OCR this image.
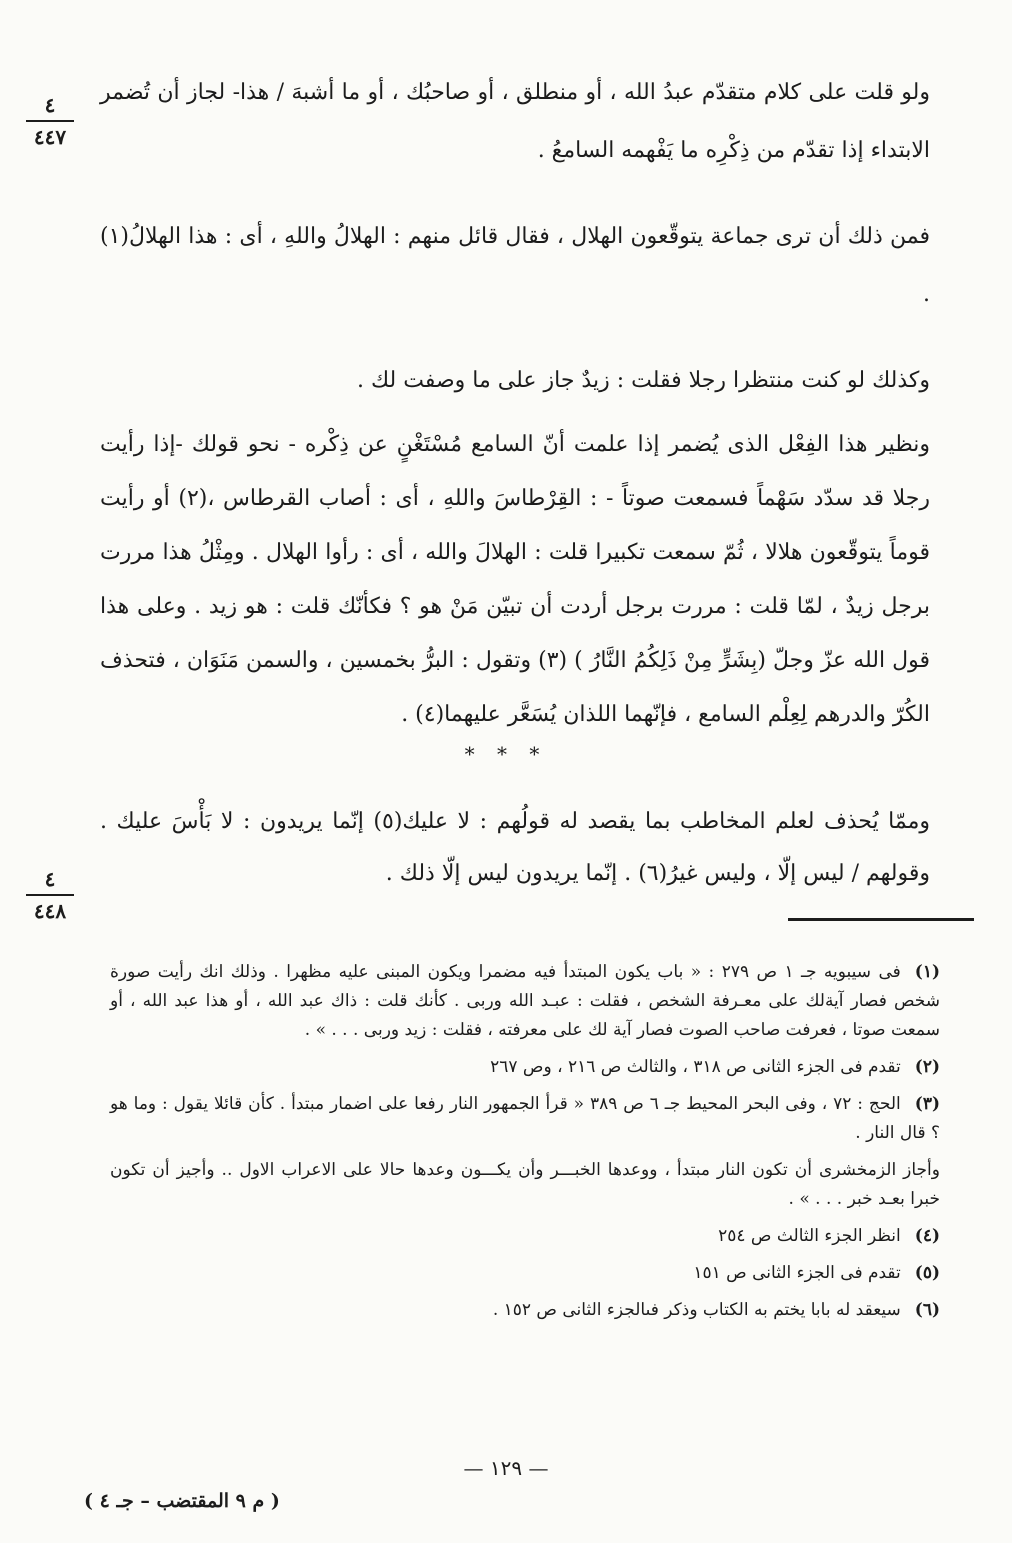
٤
٤٤٧

ولو قلت على كلام متقدّم عبدُ الله ، أو منطلق ، أو صاحبُك ، أو ما أشبهَ / هذا- لجاز أن تُضمر الابتداء إذا تقدّم من ذِكْرِه ما يَفْهمه السامعُ .

فمن ذلك أن ترى جماعة يتوقّعون الهلال ، فقال قائل منهم : الهلالُ واللهِ ، أى : هذا الهلالُ(١) .

وكذلك لو كنت منتظرا رجلا فقلت : زيدٌ جاز على ما وصفت لك .

ونظير هذا الفِعْل الذى يُضمر إذا علمت أنّ السامع مُسْتَغْنٍ عن ذِكْره - نحو قولك -إذا رأيت رجلا قد سدّد سَهْماً فسمعت صوتاً - : القِرْطاسَ واللهِ ، أى : أصاب القرطاس ،(٢) أو رأيت قوماً يتوقّعون هلالا ، ثُمّ سمعت تكبيرا قلت : الهلالَ والله ، أى : رأوا الهلال . ومِثْلُ هذا مررت برجل زيدٌ ، لمّا قلت : مررت برجل أردت أن تبيّن مَنْ هو ؟ فكأنّك قلت : هو زيد . وعلى هذا قول الله عزّ وجلّ (بِشَرٍّ مِنْ ذَلِكُمُ النَّارُ ) (٣) وتقول : البرُّ بخمسين ، والسمن مَنَوَان ، فتحذف الكُرّ والدرهم لِعِلْم السامع ، فإنّهما اللذان يُسَعَّر عليهما(٤) .

* * *

وممّا يُحذف لعلم المخاطب بما يقصد له قولُهم : لا عليك(٥) إنّما يريدون : لا بَأْسَ عليك . وقولهم / ليس إلّا ، وليس غيرُ(٦) . إنّما يريدون ليس إلّا ذلك .

٤
٤٤٨

(١)فى سيبويه جـ ١ ص ٢٧٩ : « باب يكون المبتدأ فيه مضمرا ويكون المبنى عليه مظهرا . وذلك انك رأيت صورة شخص فصار آيةلك على معـرفة الشخص ، فقلت : عبـد الله وربى . كأنك قلت : ذاك عبد الله ، أو هذا عبد الله ، أو سمعت صوتا ، فعرفت صاحب الصوت فصار آية لك على معرفته ، فقلت : زيد وربى . . . » .

(٢)تقدم فى الجزء الثانى ص ٣١٨ ، والثالث ص ٢١٦ ، وص ٢٦٧

(٣)الحج : ٧٢ ، وفى البحر المحيط جـ ٦ ص ٣٨٩ « قرأ الجمهور النار رفعا على اضمار مبتدأ . كأن قائلا يقول : وما هو ؟ قال النار .

وأجاز الزمخشرى أن تكون النار مبتدأ ، ووعدها الخبـــر وأن يكـــون وعدها حالا على الاعراب الاول .. وأجيز أن تكون خبرا بعـد خبر . . . » .

(٤)انظر الجزء الثالث ص ٢٥٤

(٥)تقدم فى الجزء الثانى ص ١٥١

(٦)سيعقد له بابا يختم به الكتاب وذكر فىالجزء الثانى ص ١٥٢ .

— ١٢٩ —
( م ٩ المقتضب – جـ ٤ )
